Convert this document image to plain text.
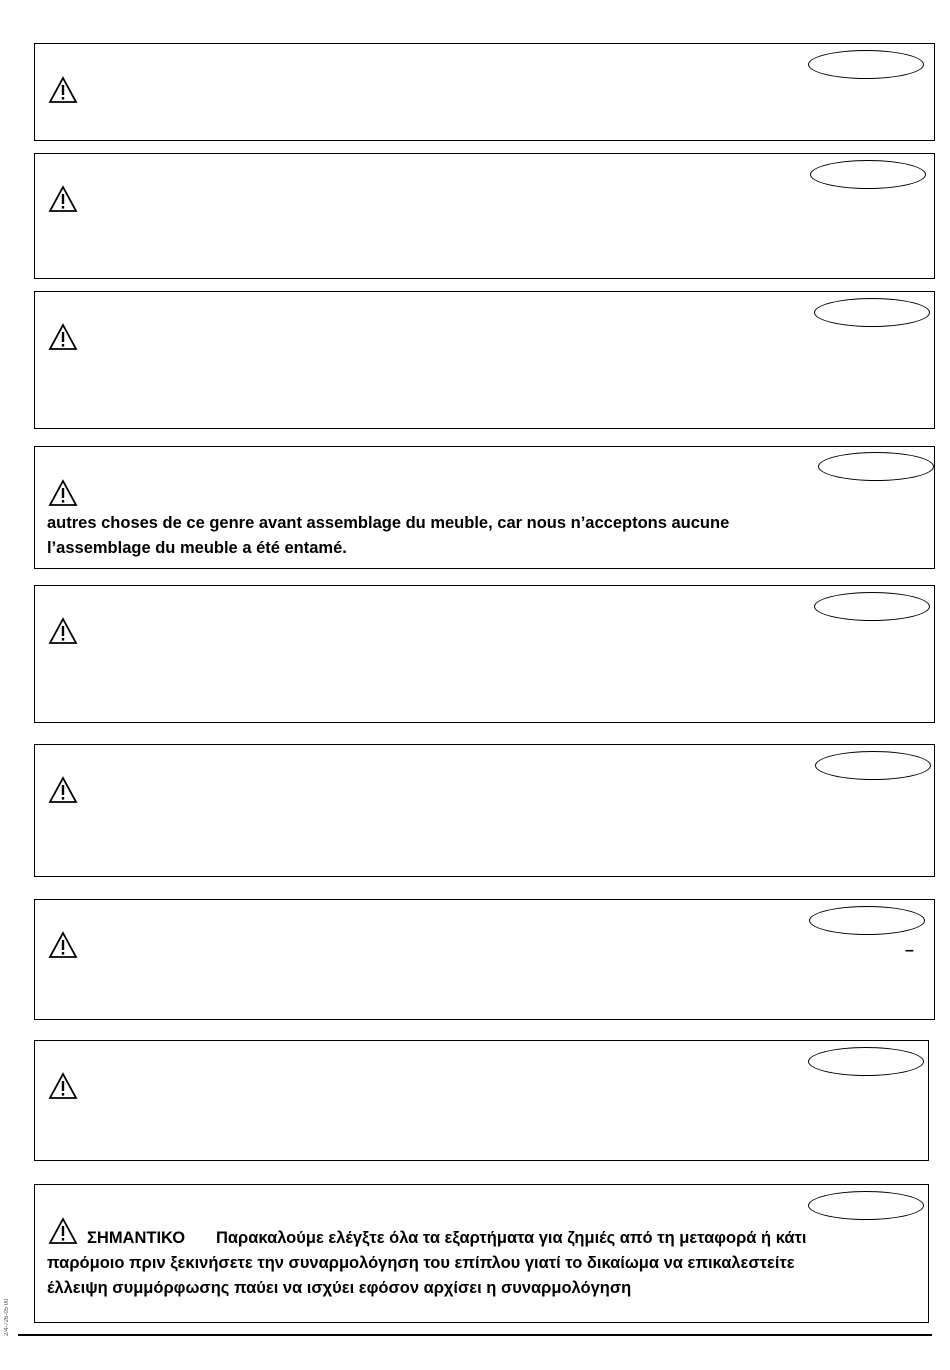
autres choses de ce genre avant assemblage du meuble, car nous n’acceptons aucune
l’assemblage du meuble a été entamé.
–
ΣΗΜΑΝΤΙΚΟ Παρακαλούμε ελέγξτε όλα τα εξαρτήματα για ζημιές από τη μεταφορά ή κάτι
παρόμοιο πριν ξεκινήσετε την συναρμολόγηση του επίπλου γιατί το δικαίωμα να επικαλεστείτε
έλλειψη συμμόρφωσης παύει να ισχύει εφόσον αρχίσει η συναρμολόγηση
2/4-726-05 00
